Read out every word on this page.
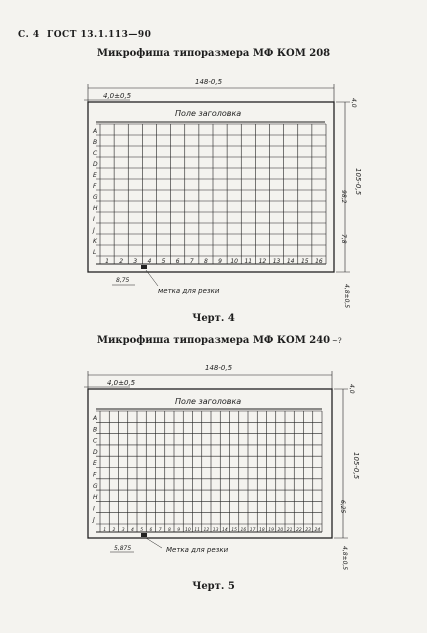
С. 4 ГОСТ 13.1.113—90
Микрофиша типоразмера МФ КОМ 208
~?
148-0,5
4,0±0,5
Поле заголовка
А
B
C
D
E
F
G
H
I
J
K
L
1 2 3 4 5 6 7 8 9 10 11 12 13 14 15 16
4,0
105-0,5
98,2
7,8
4,8±0,5
8,75
метка для резки
Черт. 4
Микрофиша типоразмера МФ КОМ 240
148-0,5
4,0±0,5
Поле заголовка
А
B
C
D
E
F
G
H
I
J
1 2 3 4 5 6 7 8 9 10 11 12 13 14 15 16 17 18 19 20 21 22 23 24
4,0
105-0,5
6,25
4,8±0,5
5,875	Метка для резки
Черт. 5
